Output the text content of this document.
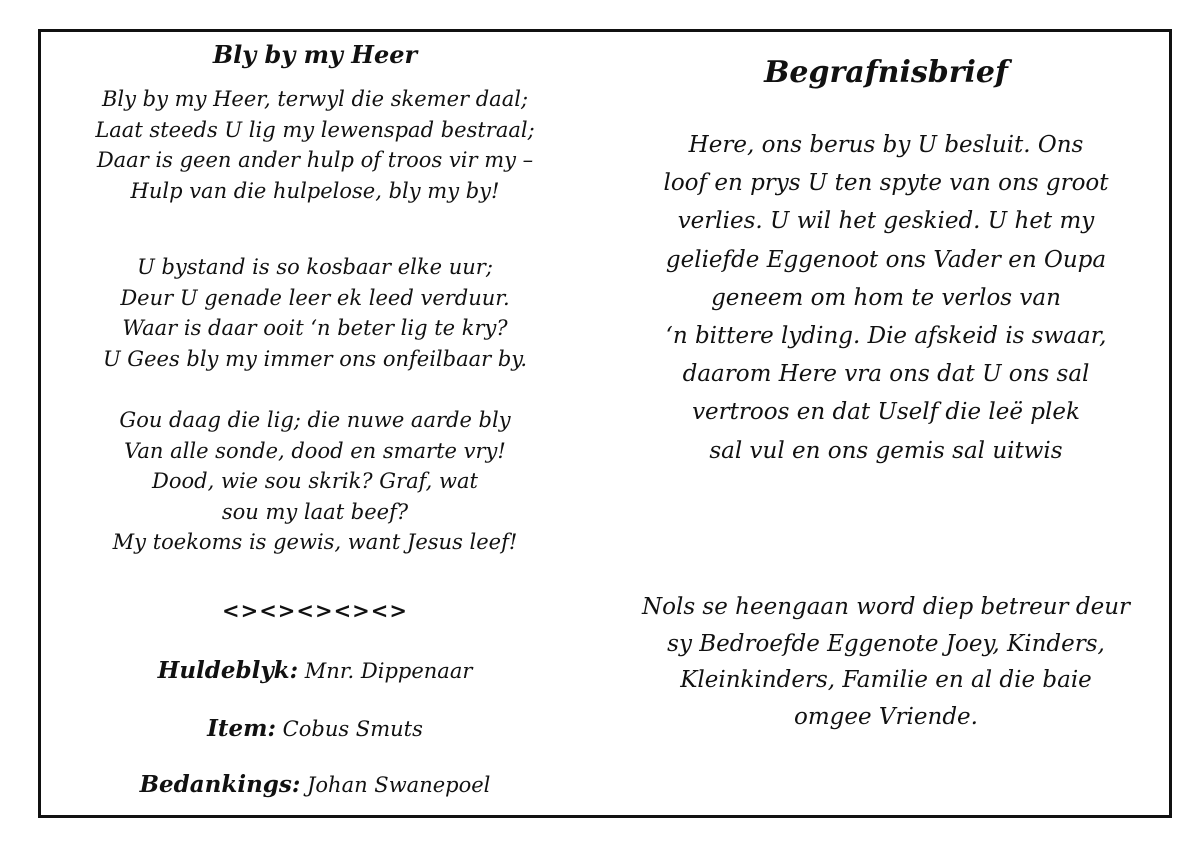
Bly by my Heer
Bly by my Heer, terwyl die skemer daal;
Laat steeds U lig my lewenspad bestraal;
Daar is geen ander hulp of troos vir my –
Hulp van die hulpelose, bly my by!
U bystand is so kosbaar elke uur;
Deur U genade leer ek leed verduur.
Waar is daar ooit ‘n beter lig te kry?
U Gees bly my immer ons onfeilbaar by.
Gou daag die lig; die nuwe aarde bly
Van alle sonde, dood en smarte vry!
Dood, wie sou skrik? Graf, wat
sou my laat beef?
My toekoms is gewis, want Jesus leef!
<><><><><>
Huldeblyk: Mnr. Dippenaar
Item: Cobus Smuts
Bedankings: Johan Swanepoel
Begrafnisbrief
Here, ons berus by U besluit. Ons
loof en prys U ten spyte van ons groot
verlies. U wil het geskied. U het my
geliefde Eggenoot ons Vader en Oupa
geneem om hom te verlos van
‘n bittere lyding. Die afskeid is swaar,
daarom Here vra ons dat U ons sal
vertroos en dat Uself die leë plek
sal vul en ons gemis sal uitwis
Nols se heengaan word diep betreur deur
sy Bedroefde Eggenote Joey, Kinders,
Kleinkinders, Familie en al die baie
omgee Vriende.
